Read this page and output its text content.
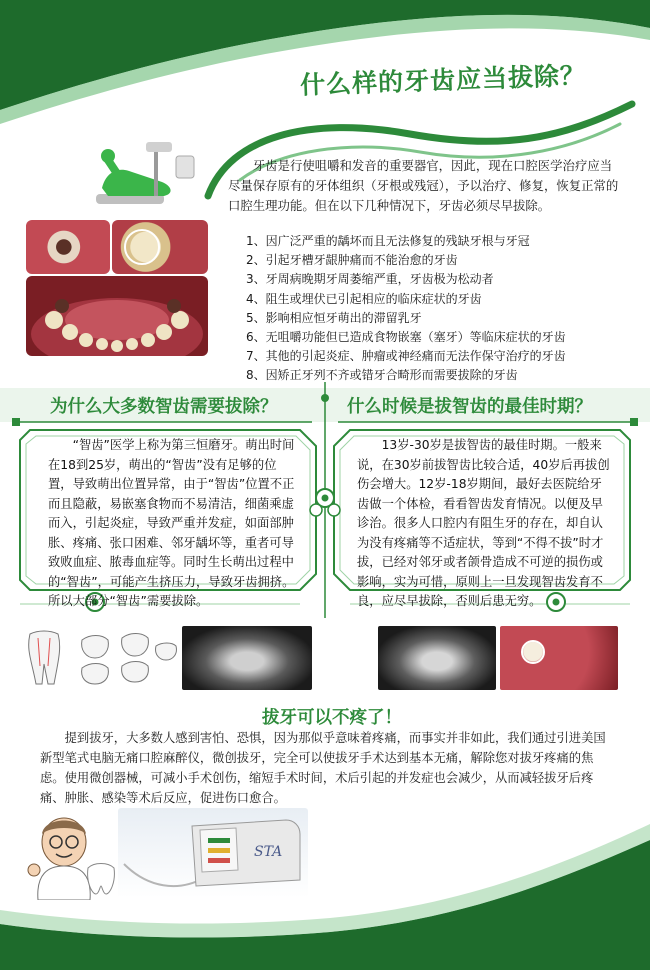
什么样的牙齿应当拔除？
牙齿是行使咀嚼和发音的重要器官，因此，现在口腔医学治疗应当尽量保存原有的牙体组织（牙根或残冠），予以治疗、修复，恢复正常的口腔生理功能。但在以下几种情况下，牙齿必须尽早拔除。
1、因广泛严重的龋坏而且无法修复的残缺牙根与牙冠
2、引起牙槽牙龈肿痛而不能治愈的牙齿
3、牙周病晚期牙周萎缩严重，牙齿极为松动者
4、阻生或埋伏已引起相应的临床症状的牙齿
5、影响相应恒牙萌出的滞留乳牙
6、无咀嚼功能但已造成食物嵌塞（塞牙）等临床症状的牙齿
7、其他的引起炎症、肿瘤或神经痛而无法作保守治疗的牙齿
8、因矫正牙列不齐或错牙合畸形而需要拔除的牙齿
为什么大多数智齿需要拔除？	什么时候是拔智齿的最佳时期？
“智齿”医学上称为第三恒磨牙。萌出时间在18到25岁，萌出的“智齿”没有足够的位置，导致萌出位置异常，由于“智齿”位置不正而且隐蔽，易嵌塞食物而不易清洁，细菌乘虚而入，引起炎症，导致严重并发症，如面部肿胀、疼痛、张口困难、邻牙龋坏等，重者可导致败血症、脓毒血症等。同时生长萌出过程中的“智齿”，可能产生挤压力，导致牙齿拥挤。所以大部分“智齿”需要拔除。
13岁-30岁是拔智齿的最佳时期。一般来说，在30岁前拔智齿比较合适，40岁后再拔创伤会增大。12岁-18岁期间，最好去医院给牙齿做一个体检，看看智齿发育情况。以便及早诊治。很多人口腔内有阻生牙的存在，却自认为没有疼痛等不适症状，等到“不得不拔”时才拔，已经对邻牙或者颌骨造成不可逆的损伤或影响，实为可惜，原则上一旦发现智齿发育不良，应尽早拔除，否则后患无穷。
拔牙可以不疼了！
提到拔牙，大多数人感到害怕、恐惧，因为那似乎意味着疼痛，而事实并非如此，我们通过引进美国新型笔式电脑无痛口腔麻醉仪，微创拔牙，完全可以使拔牙手术达到基本无痛，解除您对拔牙疼痛的焦虑。使用微创器械，可减小手术创伤，缩短手术时间，术后引起的并发症也会减少，从而减轻拔牙后疼痛、肿胀、感染等术后反应，促进伤口愈合。
STA
